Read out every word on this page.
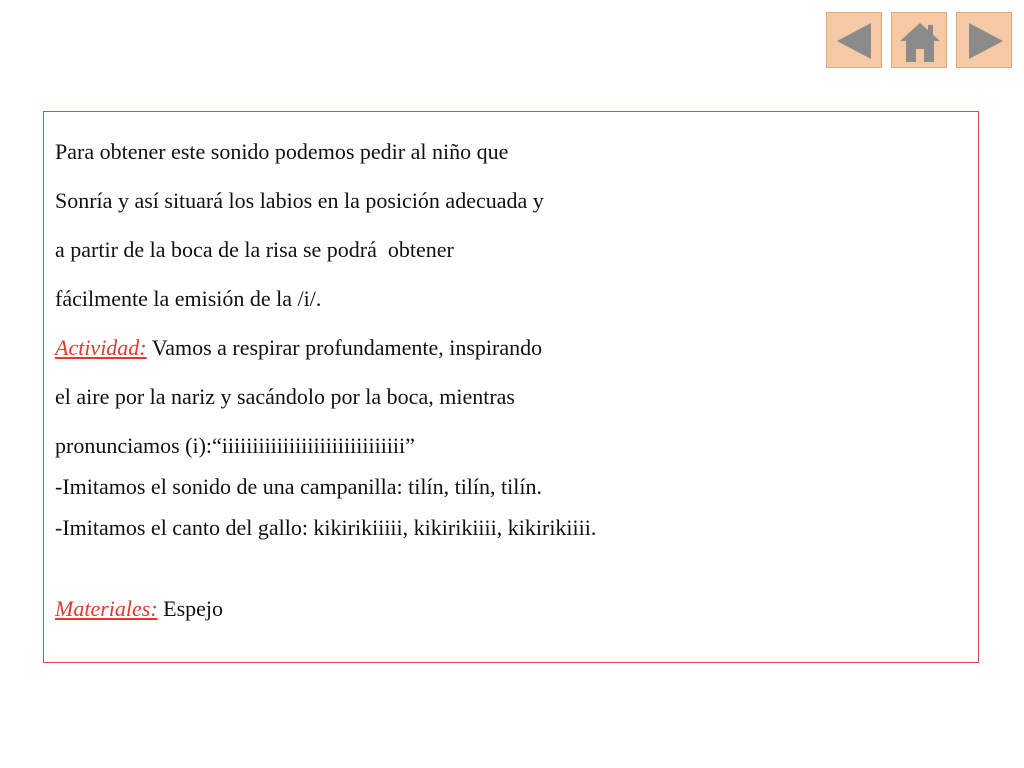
Para obtener este sonido podemos pedir al niño que
Sonría y así situará los labios en la posición adecuada y
a partir de la boca de la risa se podrá  obtener
fácilmente la emisión de la /i/.
Actividad: Vamos a respirar profundamente, inspirando
el aire por la nariz y sacándolo por la boca, mientras
pronunciamos (i):“iiiiiiiiiiiiiiiiiiiiiiiiiiiiii”
-Imitamos el sonido de una campanilla: tilín, tilín, tilín.
-Imitamos el canto del gallo: kikirikiiiii, kikirikiiii, kikirikiiii.
Materiales: Espejo
